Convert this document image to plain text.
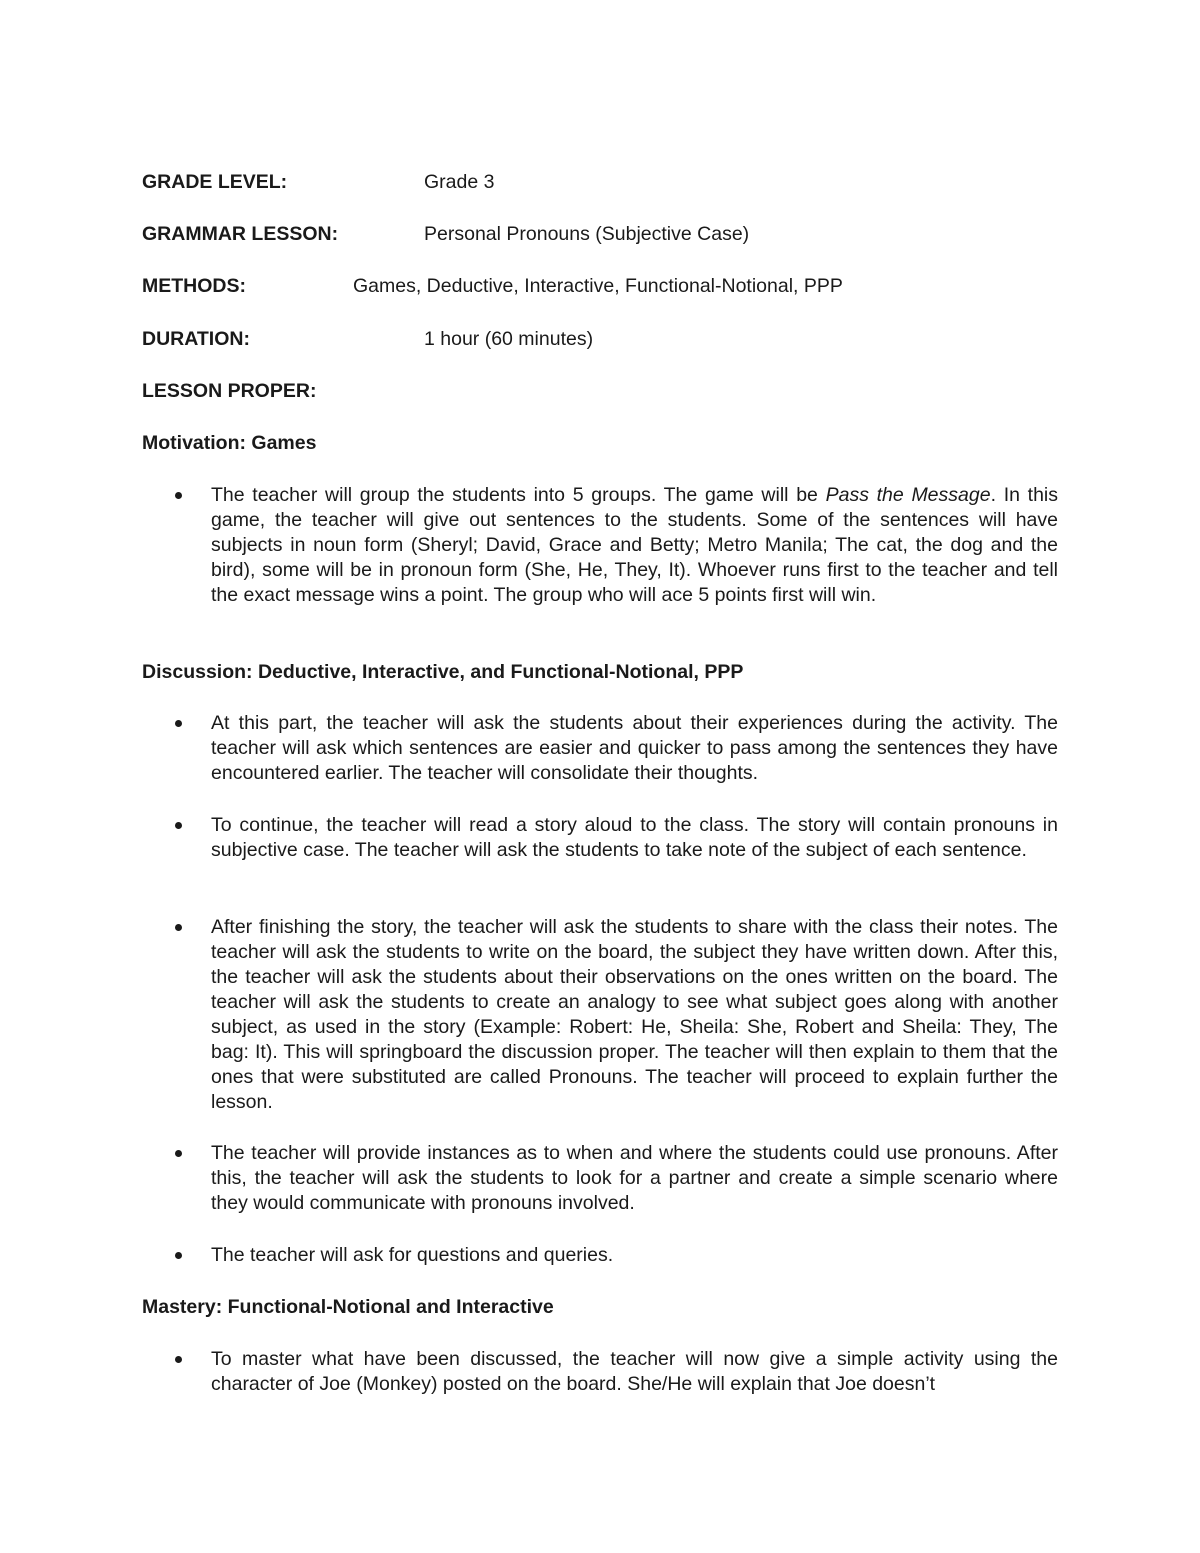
GRADE LEVEL:	Grade 3
GRAMMAR LESSON:	Personal Pronouns (Subjective Case)
METHODS:	Games, Deductive, Interactive, Functional-Notional, PPP
DURATION:	1 hour (60 minutes)
LESSON PROPER:
Motivation: Games
The teacher will group the students into 5 groups. The game will be Pass the Message. In this game, the teacher will give out sentences to the students. Some of the sentences will have subjects in noun form (Sheryl; David, Grace and Betty; Metro Manila; The cat, the dog and the bird), some will be in pronoun form (She, He, They, It). Whoever runs first to the teacher and tell the exact message wins a point. The group who will ace 5 points first will win.
Discussion: Deductive, Interactive, and Functional-Notional, PPP
At this part, the teacher will ask the students about their experiences during the activity. The teacher will ask which sentences are easier and quicker to pass among the sentences they have encountered earlier. The teacher will consolidate their thoughts.
To continue, the teacher will read a story aloud to the class. The story will contain pronouns in subjective case. The teacher will ask the students to take note of the subject of each sentence.
After finishing the story, the teacher will ask the students to share with the class their notes. The teacher will ask the students to write on the board, the subject they have written down. After this, the teacher will ask the students about their observations on the ones written on the board. The teacher will ask the students to create an analogy to see what subject goes along with another subject, as used in the story (Example: Robert: He, Sheila: She, Robert and Sheila: They, The bag: It). This will springboard the discussion proper. The teacher will then explain to them that the ones that were substituted are called Pronouns. The teacher will proceed to explain further the lesson.
The teacher will provide instances as to when and where the students could use pronouns. After this, the teacher will ask the students to look for a partner and create a simple scenario where they would communicate with pronouns involved.
The teacher will ask for questions and queries.
Mastery: Functional-Notional and Interactive
To master what have been discussed, the teacher will now give a simple activity using the character of Joe (Monkey) posted on the board. She/He will explain that Joe doesn’t
